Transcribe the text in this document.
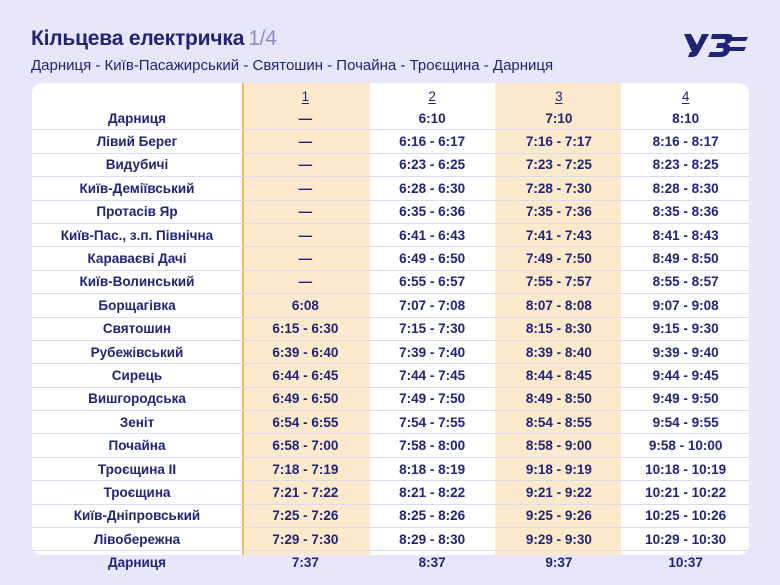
Кільцева електричка 1/4
Дарниця - Київ-Пасажирський - Святошин - Почайна - Троєщина - Дарниця
	1	2	3	4
Дарниця	—	6:10	7:10	8:10
Лівий Берег	—	6:16 - 6:17	7:16 - 7:17	8:16 - 8:17
Видубичі	—	6:23 - 6:25	7:23 - 7:25	8:23 - 8:25
Київ-Деміївський	—	6:28 - 6:30	7:28 - 7:30	8:28 - 8:30
Протасів Яр	—	6:35 - 6:36	7:35 - 7:36	8:35 - 8:36
Київ-Пас., з.п. Північна	—	6:41 - 6:43	7:41 - 7:43	8:41 - 8:43
Караваєві Дачі	—	6:49 - 6:50	7:49 - 7:50	8:49 - 8:50
Київ-Волинський	—	6:55 - 6:57	7:55 - 7:57	8:55 - 8:57
Борщагівка	6:08	7:07 - 7:08	8:07 - 8:08	9:07 - 9:08
Святошин	6:15 - 6:30	7:15 - 7:30	8:15 - 8:30	9:15 - 9:30
Рубежівський	6:39 - 6:40	7:39 - 7:40	8:39 - 8:40	9:39 - 9:40
Сирець	6:44 - 6:45	7:44 - 7:45	8:44 - 8:45	9:44 - 9:45
Вишгородська	6:49 - 6:50	7:49 - 7:50	8:49 - 8:50	9:49 - 9:50
Зеніт	6:54 - 6:55	7:54 - 7:55	8:54 - 8:55	9:54 - 9:55
Почайна	6:58 - 7:00	7:58 - 8:00	8:58 - 9:00	9:58 - 10:00
Троєщина II	7:18 - 7:19	8:18 - 8:19	9:18 - 9:19	10:18 - 10:19
Троєщина	7:21 - 7:22	8:21 - 8:22	9:21 - 9:22	10:21 - 10:22
Київ-Дніпровський	7:25 - 7:26	8:25 - 8:26	9:25 - 9:26	10:25 - 10:26
Лівобережна	7:29 - 7:30	8:29 - 8:30	9:29 - 9:30	10:29 - 10:30
Дарниця	7:37	8:37	9:37	10:37
